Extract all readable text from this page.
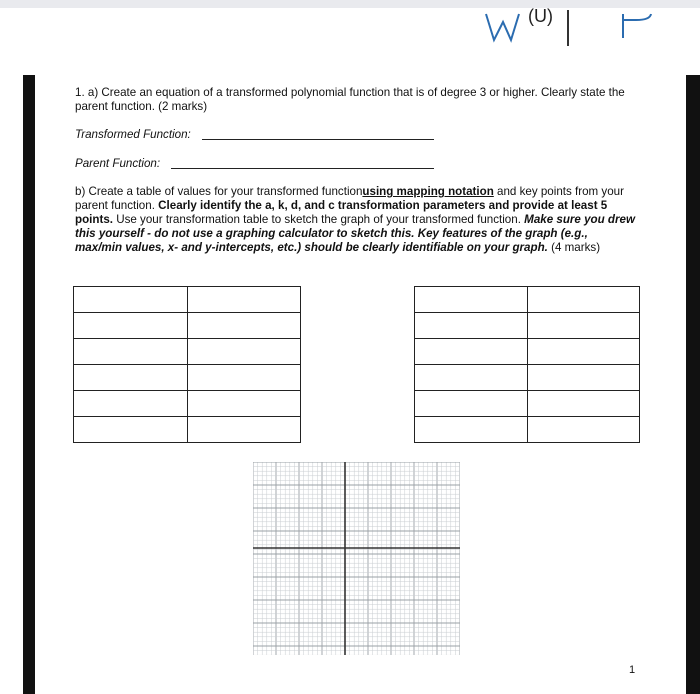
(U)
1. a) Create an equation of a transformed polynomial function that is of degree 3 or higher. Clearly state the parent function. (2 marks)
Transformed Function:
Parent Function:
b) Create a table of values for your transformed functionusing mapping notation and key points from your parent function. Clearly identify the a, k, d, and c transformation parameters and provide at least 5 points. Use your transformation table to sketch the graph of your transformed function. Make sure you drew this yourself - do not use a graphing calculator to sketch this. Key features of the graph (e.g., max/min values, x- and y-intercepts, etc.) should be clearly identifiable on your graph. (4 marks)

1
